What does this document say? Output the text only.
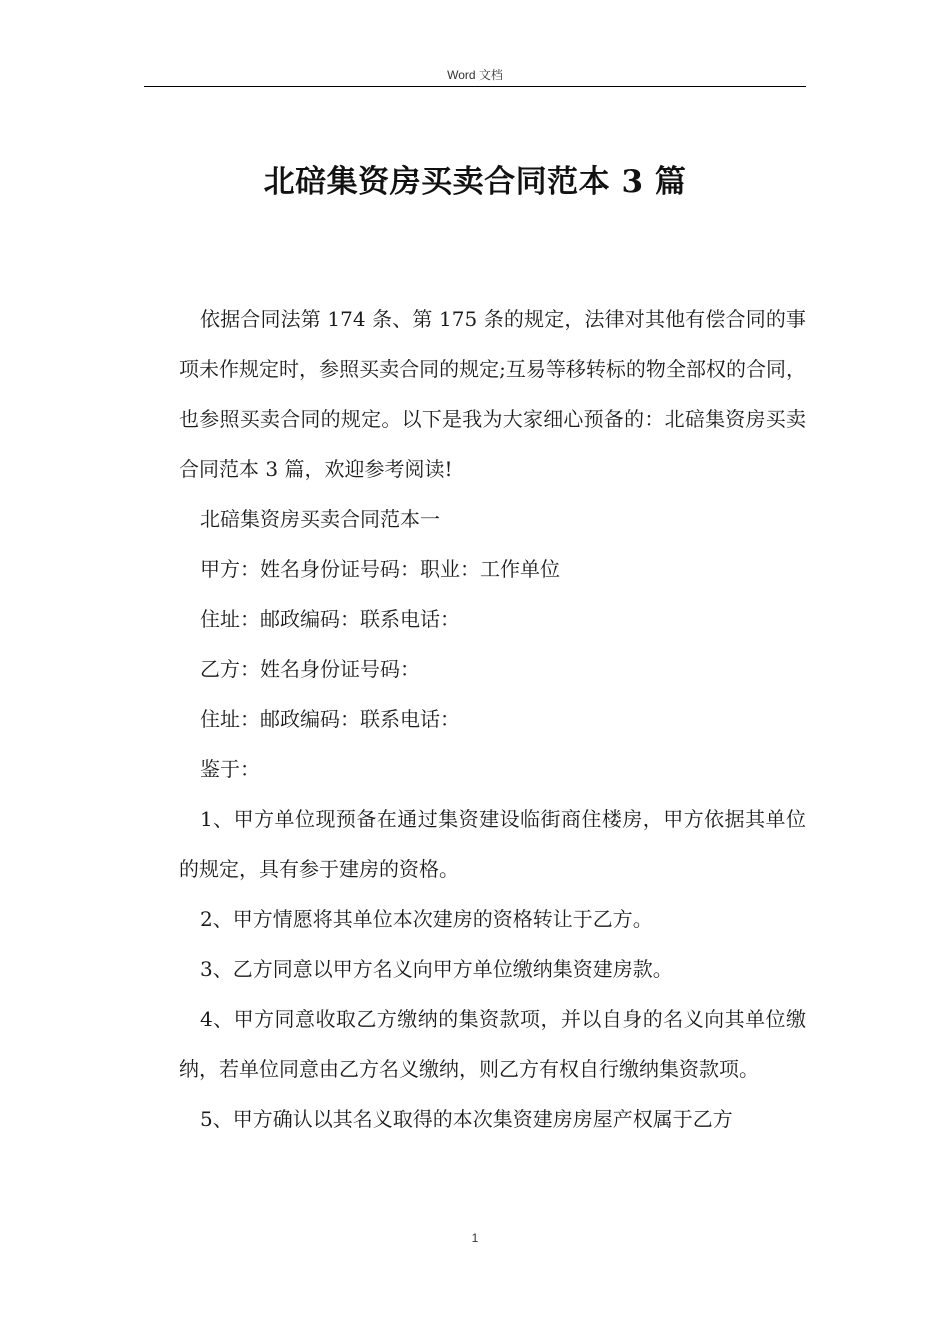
Word 文档
北碚集资房买卖合同范本 3 篇

依据合同法第 174 条、第 175 条的规定，法律对其他有偿合同的事项未作规定时，参照买卖合同的规定;互易等移转标的物全部权的合同，也参照买卖合同的规定。以下是我为大家细心预备的：北碚集资房买卖合同范本 3 篇，欢迎参考阅读!

北碚集资房买卖合同范本一

甲方：姓名身份证号码：职业：工作单位

住址：邮政编码：联系电话：

乙方：姓名身份证号码：

住址：邮政编码：联系电话：

鉴于：

1、甲方单位现预备在通过集资建设临街商住楼房，甲方依据其单位的规定，具有参于建房的资格。

2、甲方情愿将其单位本次建房的资格转让于乙方。

3、乙方同意以甲方名义向甲方单位缴纳集资建房款。

4、甲方同意收取乙方缴纳的集资款项，并以自身的名义向其单位缴纳，若单位同意由乙方名义缴纳，则乙方有权自行缴纳集资款项。

5、甲方确认以其名义取得的本次集资建房房屋产权属于乙方

1
